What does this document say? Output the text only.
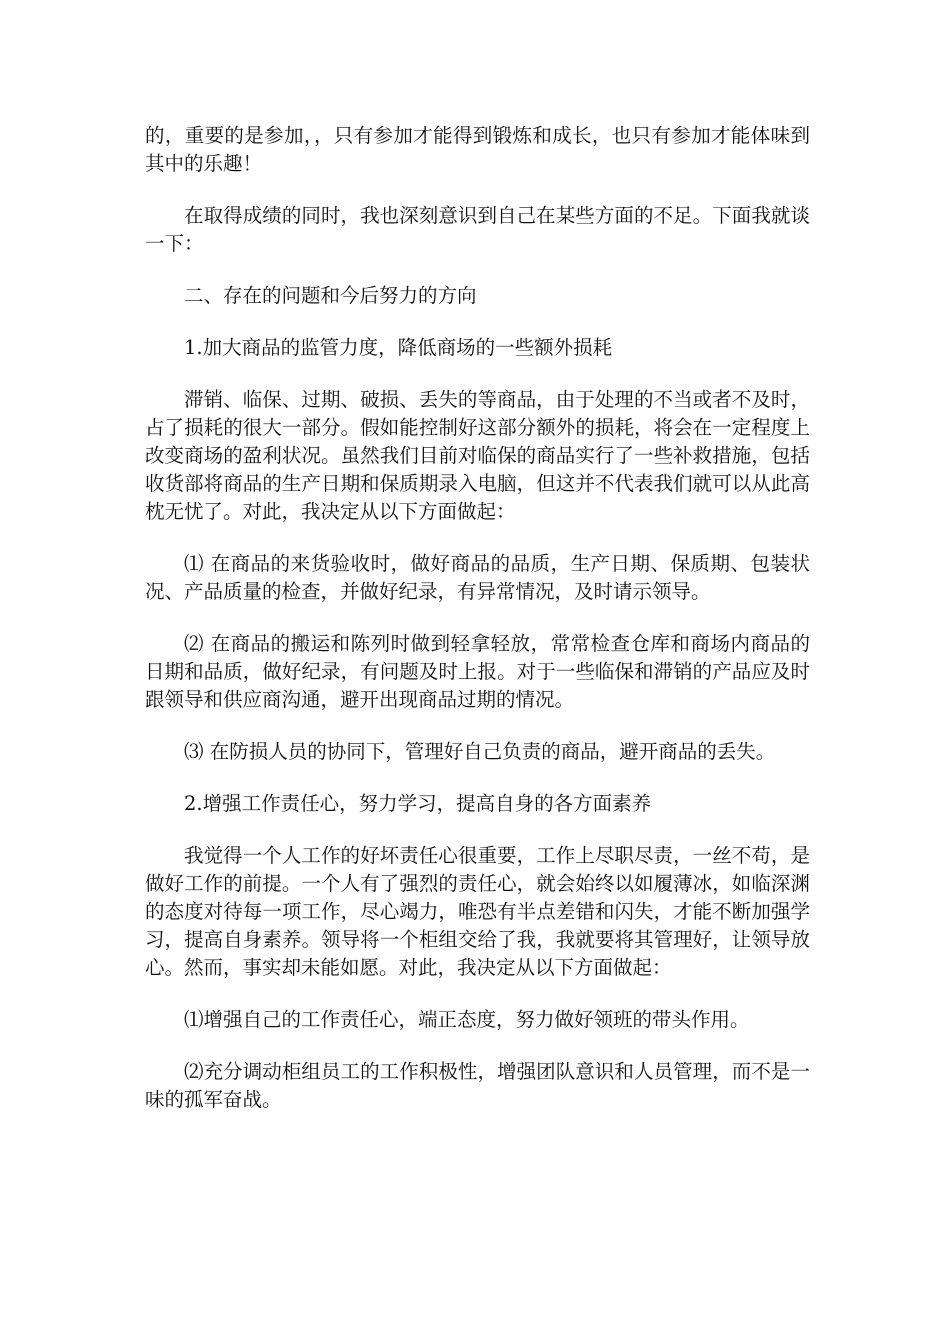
的，重要的是参加，，只有参加才能得到锻炼和成长，也只有参加才能体味到其中的乐趣！

在取得成绩的同时，我也深刻意识到自己在某些方面的不足。下面我就谈一下：

二、存在的问题和今后努力的方向

1.加大商品的监管力度，降低商场的一些额外损耗

滞销、临保、过期、破损、丢失的等商品，由于处理的不当或者不及时，占了损耗的很大一部分。假如能控制好这部分额外的损耗，将会在一定程度上改变商场的盈利状况。虽然我们目前对临保的商品实行了一些补救措施，包括收货部将商品的生产日期和保质期录入电脑，但这并不代表我们就可以从此高枕无忧了。对此，我决定从以下方面做起：

⑴ 在商品的来货验收时，做好商品的品质，生产日期、保质期、包装状况、产品质量的检查，并做好纪录，有异常情况，及时请示领导。

⑵ 在商品的搬运和陈列时做到轻拿轻放，常常检查仓库和商场内商品的日期和品质，做好纪录，有问题及时上报。对于一些临保和滞销的产品应及时跟领导和供应商沟通，避开出现商品过期的情况。

⑶ 在防损人员的协同下，管理好自己负责的商品，避开商品的丢失。

2.增强工作责任心，努力学习，提高自身的各方面素养

我觉得一个人工作的好坏责任心很重要，工作上尽职尽责，一丝不苟，是做好工作的前提。一个人有了强烈的责任心，就会始终以如履薄冰，如临深渊的态度对待每一项工作，尽心竭力，唯恐有半点差错和闪失，才能不断加强学习，提高自身素养。领导将一个柜组交给了我，我就要将其管理好，让领导放心。然而，事实却未能如愿。对此，我决定从以下方面做起：

⑴增强自己的工作责任心，端正态度，努力做好领班的带头作用。

⑵充分调动柜组员工的工作积极性，增强团队意识和人员管理，而不是一味的孤军奋战。
